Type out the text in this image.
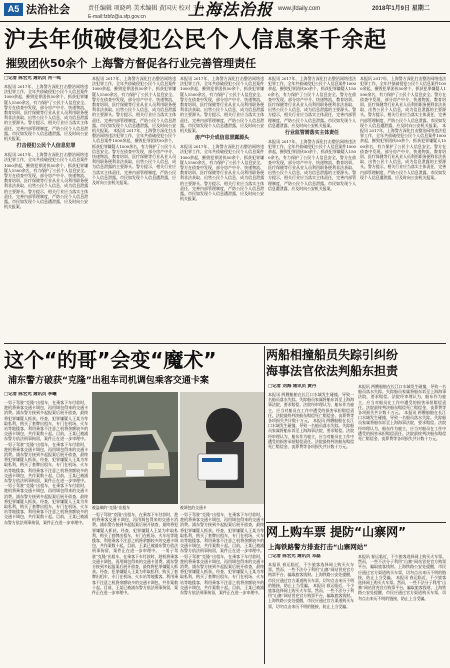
A5 法治社会	责任编辑 项晓鸣 美术编辑 黄国庆 校对 王月
上海法治报 www.jfdaily.com	2018年1月9日 星期二
E-mail:fzbfz@a.sfp.gov.cn
沪去年侦破侵犯公民个人信息案千余起
摧毁团伙50余个 上海警方督促各行业完善管理责任
□记者 陈宏光 通讯员 肖一鸣
本报讯 2017年，上海警方深化打击整治网络违法犯罪工作，全年共侦破侵犯公民个人信息案件1000余起，摧毁犯罪团伙50余个，抓获犯罪嫌疑人1500余名，有力保护了公民个人信息安全。警方在侦查中发现，部分房产中介、快递物流、教育培训、医疗保健等行业从业人员利用职务便利非法获取、出售公民个人信息，成为信息泄露的主要源头。警方提示，相关行业应当落实主体责任，完善内部管理制度，严防公民个人信息泄露。市民如发现个人信息遭泄露，应及时向公安机关报案。
打击侵犯公民个人信息犯罪
本报讯 2017年，上海警方深化打击整治网络违法犯罪工作，全年共侦破侵犯公民个人信息案件1000余起，摧毁犯罪团伙50余个，抓获犯罪嫌疑人1500余名，有力保护了公民个人信息安全。警方在侦查中发现，部分房产中介、快递物流、教育培训、医疗保健等行业从业人员利用职务便利非法获取、出售公民个人信息，成为信息泄露的主要源头。警方提示，相关行业应当落实主体责任，完善内部管理制度，严防公民个人信息泄露。市民如发现个人信息遭泄露，应及时向公安机关报案。
本报讯 2017年，上海警方深化打击整治网络违法犯罪工作，全年共侦破侵犯公民个人信息案件1000余起，摧毁犯罪团伙50余个，抓获犯罪嫌疑人1500余名，有力保护了公民个人信息安全。警方在侦查中发现，部分房产中介、快递物流、教育培训、医疗保健等行业从业人员利用职务便利非法获取、出售公民个人信息，成为信息泄露的主要源头。警方提示，相关行业应当落实主体责任，完善内部管理制度，严防公民个人信息泄露。市民如发现个人信息遭泄露，应及时向公安机关报案。 本报讯 2017年，上海警方深化打击整治网络违法犯罪工作，全年共侦破侵犯公民个人信息案件1000余起，摧毁犯罪团伙50余个，抓获犯罪嫌疑人1500余名，有力保护了公民个人信息安全。警方在侦查中发现，部分房产中介、快递物流、教育培训、医疗保健等行业从业人员利用职务便利非法获取、出售公民个人信息，成为信息泄露的主要源头。警方提示，相关行业应当落实主体责任，完善内部管理制度，严防公民个人信息泄露。市民如发现个人信息遭泄露，应及时向公安机关报案。
本报讯 2017年，上海警方深化打击整治网络违法犯罪工作，全年共侦破侵犯公民个人信息案件1000余起，摧毁犯罪团伙50余个，抓获犯罪嫌疑人1500余名，有力保护了公民个人信息安全。警方在侦查中发现，部分房产中介、快递物流、教育培训、医疗保健等行业从业人员利用职务便利非法获取、出售公民个人信息，成为信息泄露的主要源头。警方提示，相关行业应当落实主体责任，完善内部管理制度，严防公民个人信息泄露。市民如发现个人信息遭泄露，应及时向公安机关报案。
房产中介成信息泄露源头
本报讯 2017年，上海警方深化打击整治网络违法犯罪工作，全年共侦破侵犯公民个人信息案件1000余起，摧毁犯罪团伙50余个，抓获犯罪嫌疑人1500余名，有力保护了公民个人信息安全。警方在侦查中发现，部分房产中介、快递物流、教育培训、医疗保健等行业从业人员利用职务便利非法获取、出售公民个人信息，成为信息泄露的主要源头。警方提示，相关行业应当落实主体责任，完善内部管理制度，严防公民个人信息泄露。市民如发现个人信息遭泄露，应及时向公安机关报案。
本报讯 2017年，上海警方深化打击整治网络违法犯罪工作，全年共侦破侵犯公民个人信息案件1000余起，摧毁犯罪团伙50余个，抓获犯罪嫌疑人1500余名，有力保护了公民个人信息安全。警方在侦查中发现，部分房产中介、快递物流、教育培训、医疗保健等行业从业人员利用职务便利非法获取、出售公民个人信息，成为信息泄露的主要源头。警方提示，相关行业应当落实主体责任，完善内部管理制度，严防公民个人信息泄露。市民如发现个人信息遭泄露，应及时向公安机关报案。
行业监管需落实主体责任
本报讯 2017年，上海警方深化打击整治网络违法犯罪工作，全年共侦破侵犯公民个人信息案件1000余起，摧毁犯罪团伙50余个，抓获犯罪嫌疑人1500余名，有力保护了公民个人信息安全。警方在侦查中发现，部分房产中介、快递物流、教育培训、医疗保健等行业从业人员利用职务便利非法获取、出售公民个人信息，成为信息泄露的主要源头。警方提示，相关行业应当落实主体责任，完善内部管理制度，严防公民个人信息泄露。市民如发现个人信息遭泄露，应及时向公安机关报案。
本报讯 2017年，上海警方深化打击整治网络违法犯罪工作，全年共侦破侵犯公民个人信息案件1000余起，摧毁犯罪团伙50余个，抓获犯罪嫌疑人1500余名，有力保护了公民个人信息安全。警方在侦查中发现，部分房产中介、快递物流、教育培训、医疗保健等行业从业人员利用职务便利非法获取、出售公民个人信息，成为信息泄露的主要源头。警方提示，相关行业应当落实主体责任，完善内部管理制度，严防公民个人信息泄露。市民如发现个人信息遭泄露，应及时向公安机关报案。 本报讯 2017年，上海警方深化打击整治网络违法犯罪工作，全年共侦破侵犯公民个人信息案件1000余起，摧毁犯罪团伙50余个，抓获犯罪嫌疑人1500余名，有力保护了公民个人信息安全。警方在侦查中发现，部分房产中介、快递物流、教育培训、医疗保健等行业从业人员利用职务便利非法获取、出售公民个人信息，成为信息泄露的主要源头。警方提示，相关行业应当落实主体责任，完善内部管理制度，严防公民个人信息泄露。市民如发现个人信息遭泄露，应及时向公安机关报案。
这个“的哥”会变“魔术”
浦东警方破获“克隆”出租车司机调包乘客交通卡案
□记者 陈宏光 通讯员 李曦
一男子驾驶“克隆”出租车，在乘客下车付款时，趁机将乘客交通卡调包，再用调包得来的交通卡消费。浦东警方接到多起报案后展开侦查，最终将犯罪嫌疑人抓获。经查，犯罪嫌疑人王某为牟取私利，购买了套牌出租车，专门在机场、火车站等地揽客，利用乘客不注意之机将余额较多的交通卡调包，共作案数十起。目前，王某已被浦东警方依法刑事拘留，案件正在进一步审理中。 一男子驾驶“克隆”出租车，在乘客下车付款时，趁机将乘客交通卡调包，再用调包得来的交通卡消费。浦东警方接到多起报案后展开侦查，最终将犯罪嫌疑人抓获。经查，犯罪嫌疑人王某为牟取私利，购买了套牌出租车，专门在机场、火车站等地揽客，利用乘客不注意之机将余额较多的交通卡调包，共作案数十起。目前，王某已被浦东警方依法刑事拘留，案件正在进一步审理中。 一男子驾驶“克隆”出租车，在乘客下车付款时，趁机将乘客交通卡调包，再用调包得来的交通卡消费。浦东警方接到多起报案后展开侦查，最终将犯罪嫌疑人抓获。经查，犯罪嫌疑人王某为牟取私利，购买了套牌出租车，专门在机场、火车站等地揽客，利用乘客不注意之机将余额较多的交通卡调包，共作案数十起。目前，王某已被浦东警方依法刑事拘留，案件正在进一步审理中。
被盗刷的“克隆”出租车	被调包的交通卡
一男子驾驶“克隆”出租车，在乘客下车付款时，趁机将乘客交通卡调包，再用调包得来的交通卡消费。浦东警方接到多起报案后展开侦查，最终将犯罪嫌疑人抓获。经查，犯罪嫌疑人王某为牟取私利，购买了套牌出租车，专门在机场、火车站等地揽客，利用乘客不注意之机将余额较多的交通卡调包，共作案数十起。目前，王某已被浦东警方依法刑事拘留，案件正在进一步审理中。 一男子驾驶“克隆”出租车，在乘客下车付款时，趁机将乘客交通卡调包，再用调包得来的交通卡消费。浦东警方接到多起报案后展开侦查，最终将犯罪嫌疑人抓获。经查，犯罪嫌疑人王某为牟取私利，购买了套牌出租车，专门在机场、火车站等地揽客，利用乘客不注意之机将余额较多的交通卡调包，共作案数十起。目前，王某已被浦东警方依法刑事拘留，案件正在进一步审理中。
一男子驾驶“克隆”出租车，在乘客下车付款时，趁机将乘客交通卡调包，再用调包得来的交通卡消费。浦东警方接到多起报案后展开侦查，最终将犯罪嫌疑人抓获。经查，犯罪嫌疑人王某为牟取私利，购买了套牌出租车，专门在机场、火车站等地揽客，利用乘客不注意之机将余额较多的交通卡调包，共作案数十起。目前，王某已被浦东警方依法刑事拘留，案件正在进一步审理中。 一男子驾驶“克隆”出租车，在乘客下车付款时，趁机将乘客交通卡调包，再用调包得来的交通卡消费。浦东警方接到多起报案后展开侦查，最终将犯罪嫌疑人抓获。经查，犯罪嫌疑人王某为牟取私利，购买了套牌出租车，专门在机场、火车站等地揽客，利用乘客不注意之机将余额较多的交通卡调包，共作案数十起。目前，王某已被浦东警方依法刑事拘留，案件正在进一步审理中。
两船相撞船员失踪引纠纷
海事法官依法判船东担责
□记者 刘海 通讯员 黄丹
本报讯 两艘船舶在长江口水域发生碰撞，导致一名船员落水失踪。失踪船员家属将船东诉至上海海事法院，要求赔偿。法院经审理认为，船东作为雇主，应当对船员在工作中遭受的损害承担赔偿责任。法院最终判决船东赔偿死亡赔偿金、丧葬费等各项损失共计数十万元。 本报讯 两艘船舶在长江口水域发生碰撞，导致一名船员落水失踪。失踪船员家属将船东诉至上海海事法院，要求赔偿。法院经审理认为，船东作为雇主，应当对船员在工作中遭受的损害承担赔偿责任。法院最终判决船东赔偿死亡赔偿金、丧葬费等各项损失共计数十万元。
本报讯 两艘船舶在长江口水域发生碰撞，导致一名船员落水失踪。失踪船员家属将船东诉至上海海事法院，要求赔偿。法院经审理认为，船东作为雇主，应当对船员在工作中遭受的损害承担赔偿责任。法院最终判决船东赔偿死亡赔偿金、丧葬费等各项损失共计数十万元。 本报讯 两艘船舶在长江口水域发生碰撞，导致一名船员落水失踪。失踪船员家属将船东诉至上海海事法院，要求赔偿。法院经审理认为，船东作为雇主，应当对船员在工作中遭受的损害承担赔偿责任。法院最终判决船东赔偿死亡赔偿金、丧葬费等各项损失共计数十万元。
网上购车票 提防“山寨网”
上海铁路警方排查打击“山寨网站”
□记者 陈宏光 通讯员 邓磊
本报讯 春运临近，不少旅客选择网上购买火车票。然而，一些不法分子利用“山寨”网站冒充官方购票平台，骗取旅客钱财。上海铁路公安处提醒，市民应通过官方渠道购买车票，切勿点击来历不明的链接，防止上当受骗。 本报讯 春运临近，不少旅客选择网上购买火车票。然而，一些不法分子利用“山寨”网站冒充官方购票平台，骗取旅客钱财。上海铁路公安处提醒，市民应通过官方渠道购买车票，切勿点击来历不明的链接，防止上当受骗。
本报讯 春运临近，不少旅客选择网上购买火车票。然而，一些不法分子利用“山寨”网站冒充官方购票平台，骗取旅客钱财。上海铁路公安处提醒，市民应通过官方渠道购买车票，切勿点击来历不明的链接，防止上当受骗。 本报讯 春运临近，不少旅客选择网上购买火车票。然而，一些不法分子利用“山寨”网站冒充官方购票平台，骗取旅客钱财。上海铁路公安处提醒，市民应通过官方渠道购买车票，切勿点击来历不明的链接，防止上当受骗。
